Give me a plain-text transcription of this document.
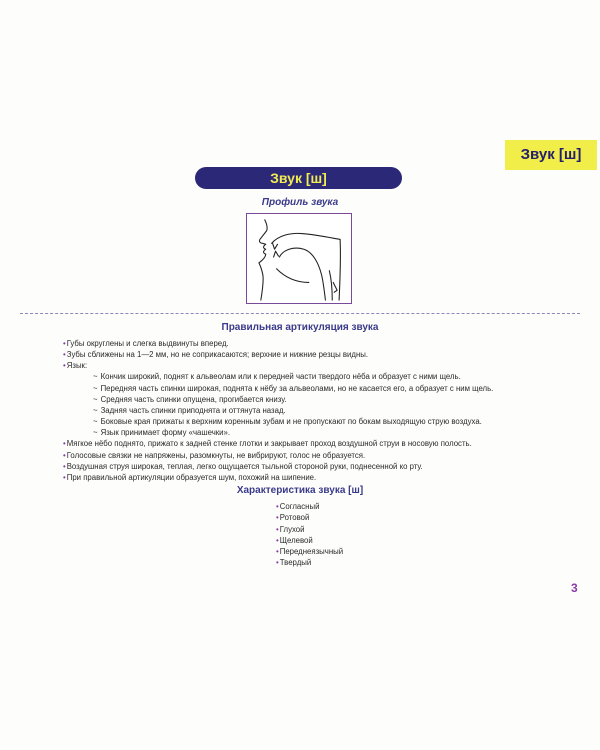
Звук [ш]
Звук [ш]
Профиль звука
Правильная артикуляция звука
•Губы округлены и слегка выдвинуты вперед.
•Зубы сближены на 1—2 мм, но не соприкасаются; верхние и нижние резцы видны.
•Язык:
~ Кончик широкий, поднят к альвеолам или к передней части твердого нёба и образует с ними щель.
~ Передняя часть спинки широкая, поднята к нёбу за альвеолами, но не касается его, а образует с ним щель.
~ Средняя часть спинки опущена, прогибается книзу.
~ Задняя часть спинки приподнята и оттянута назад.
~ Боковые края прижаты к верхним коренным зубам и не пропускают по бокам выходящую струю воздуха.
~ Язык принимает форму «чашечки».
•Мягкое нёбо поднято, прижато к задней стенке глотки и закрывает проход воздушной струи в носовую полость.
•Голосовые связки не напряжены, разомкнуты, не вибрируют, голос не образуется.
•Воздушная струя широкая, теплая, легко ощущается тыльной стороной руки, поднесенной ко рту.
•При правильной артикуляции образуется шум, похожий на шипение.
Характеристика звука [ш]
•Согласный
•Ротовой
•Глухой
•Щелевой
•Переднеязычный
•Твердый
3
